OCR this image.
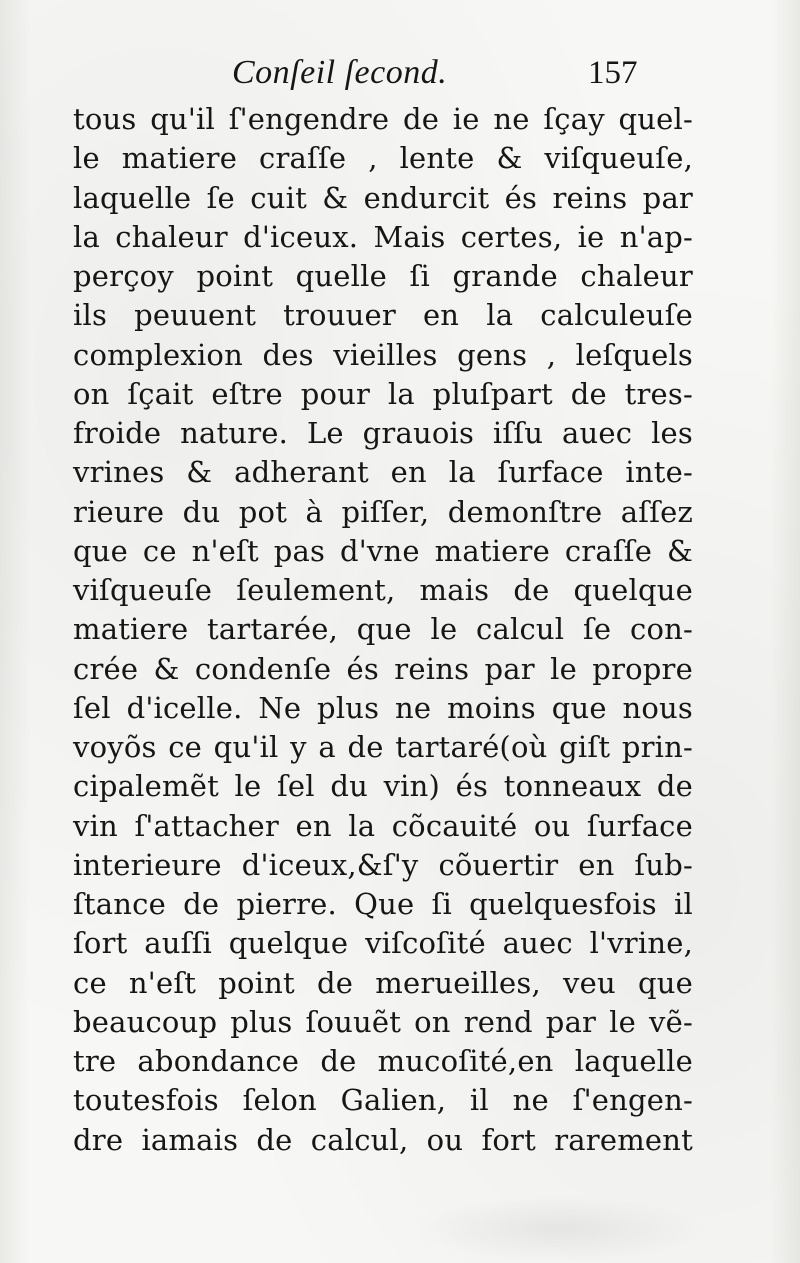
Conſeil ſecond.	157
tous qu'il ſ'engendre de ie ne ſçay quel-
le matiere craſſe , lente & viſqueuſe,
laquelle ſe cuit & endurcit és reins par
la chaleur d'iceux. Mais certes, ie n'ap-
perçoy point quelle ſi grande chaleur
ils peuuent trouuer en la calculeuſe
complexion des vieilles gens , leſquels
on ſçait eſtre pour la pluſpart de tres-
froide nature. Le grauois iſſu auec les
vrines & adherant en la ſurface inte-
rieure du pot à piſſer, demonſtre aſſez
que ce n'eſt pas d'vne matiere craſſe &
viſqueuſe ſeulement, mais de quelque
matiere tartarée, que le calcul ſe con-
crée & condenſe és reins par le propre
ſel d'icelle. Ne plus ne moins que nous
voyõs ce qu'il y a de tartaré(où giſt prin-
cipalemẽt le ſel du vin) és tonneaux de
vin ſ'attacher en la cõcauité ou ſurface
interieure d'iceux,&ſ'y cõuertir en ſub-
ſtance de pierre. Que ſi quelquesfois il
ſort auſſi quelque viſcoſité auec l'vrine,
ce n'eſt point de merueilles, veu que
beaucoup plus ſouuẽt on rend par le vẽ-
tre abondance de mucoſité,en laquelle
toutesfois ſelon Galien, il ne ſ'engen-
dre iamais de calcul, ou fort rarement
